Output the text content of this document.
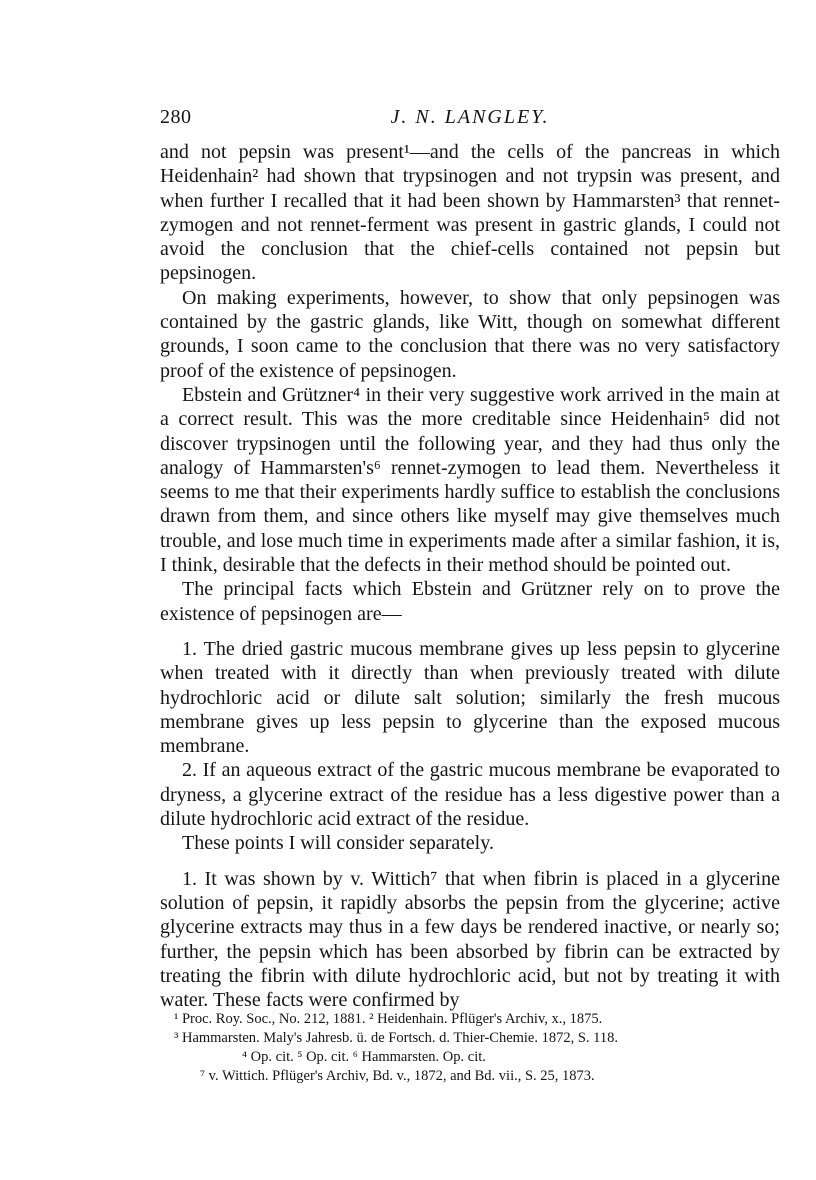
280	J. N. LANGLEY.

and not pepsin was present¹—and the cells of the pancreas in which Heidenhain² had shown that trypsinogen and not trypsin was present, and when further I recalled that it had been shown by Hammarsten³ that rennet-zymogen and not rennet-ferment was present in gastric glands, I could not avoid the conclusion that the chief-cells contained not pepsin but pepsinogen.

On making experiments, however, to show that only pepsinogen was contained by the gastric glands, like Witt, though on somewhat different grounds, I soon came to the conclusion that there was no very satisfactory proof of the existence of pepsinogen.

Ebstein and Grützner⁴ in their very suggestive work arrived in the main at a correct result. This was the more creditable since Heidenhain⁵ did not discover trypsinogen until the following year, and they had thus only the analogy of Hammarsten's⁶ rennet-zymogen to lead them. Nevertheless it seems to me that their experiments hardly suffice to establish the conclusions drawn from them, and since others like myself may give themselves much trouble, and lose much time in experiments made after a similar fashion, it is, I think, desirable that the defects in their method should be pointed out.

The principal facts which Ebstein and Grützner rely on to prove the existence of pepsinogen are—

1. The dried gastric mucous membrane gives up less pepsin to glycerine when treated with it directly than when previously treated with dilute hydrochloric acid or dilute salt solution; similarly the fresh mucous membrane gives up less pepsin to glycerine than the exposed mucous membrane.

2. If an aqueous extract of the gastric mucous membrane be evaporated to dryness, a glycerine extract of the residue has a less digestive power than a dilute hydrochloric acid extract of the residue.

These points I will consider separately.

1. It was shown by v. Wittich⁷ that when fibrin is placed in a glycerine solution of pepsin, it rapidly absorbs the pepsin from the glycerine; active glycerine extracts may thus in a few days be rendered inactive, or nearly so; further, the pepsin which has been absorbed by fibrin can be extracted by treating the fibrin with dilute hydrochloric acid, but not by treating it with water. These facts were confirmed by

¹ Proc. Roy. Soc., No. 212, 1881. ² Heidenhain. Pflüger's Archiv, x., 1875.
³ Hammarsten. Maly's Jahresb. ü. de Fortsch. d. Thier-Chemie. 1872, S. 118.
⁴ Op. cit. ⁵ Op. cit. ⁶ Hammarsten. Op. cit.
⁷ v. Wittich. Pflüger's Archiv, Bd. v., 1872, and Bd. vii., S. 25, 1873.
